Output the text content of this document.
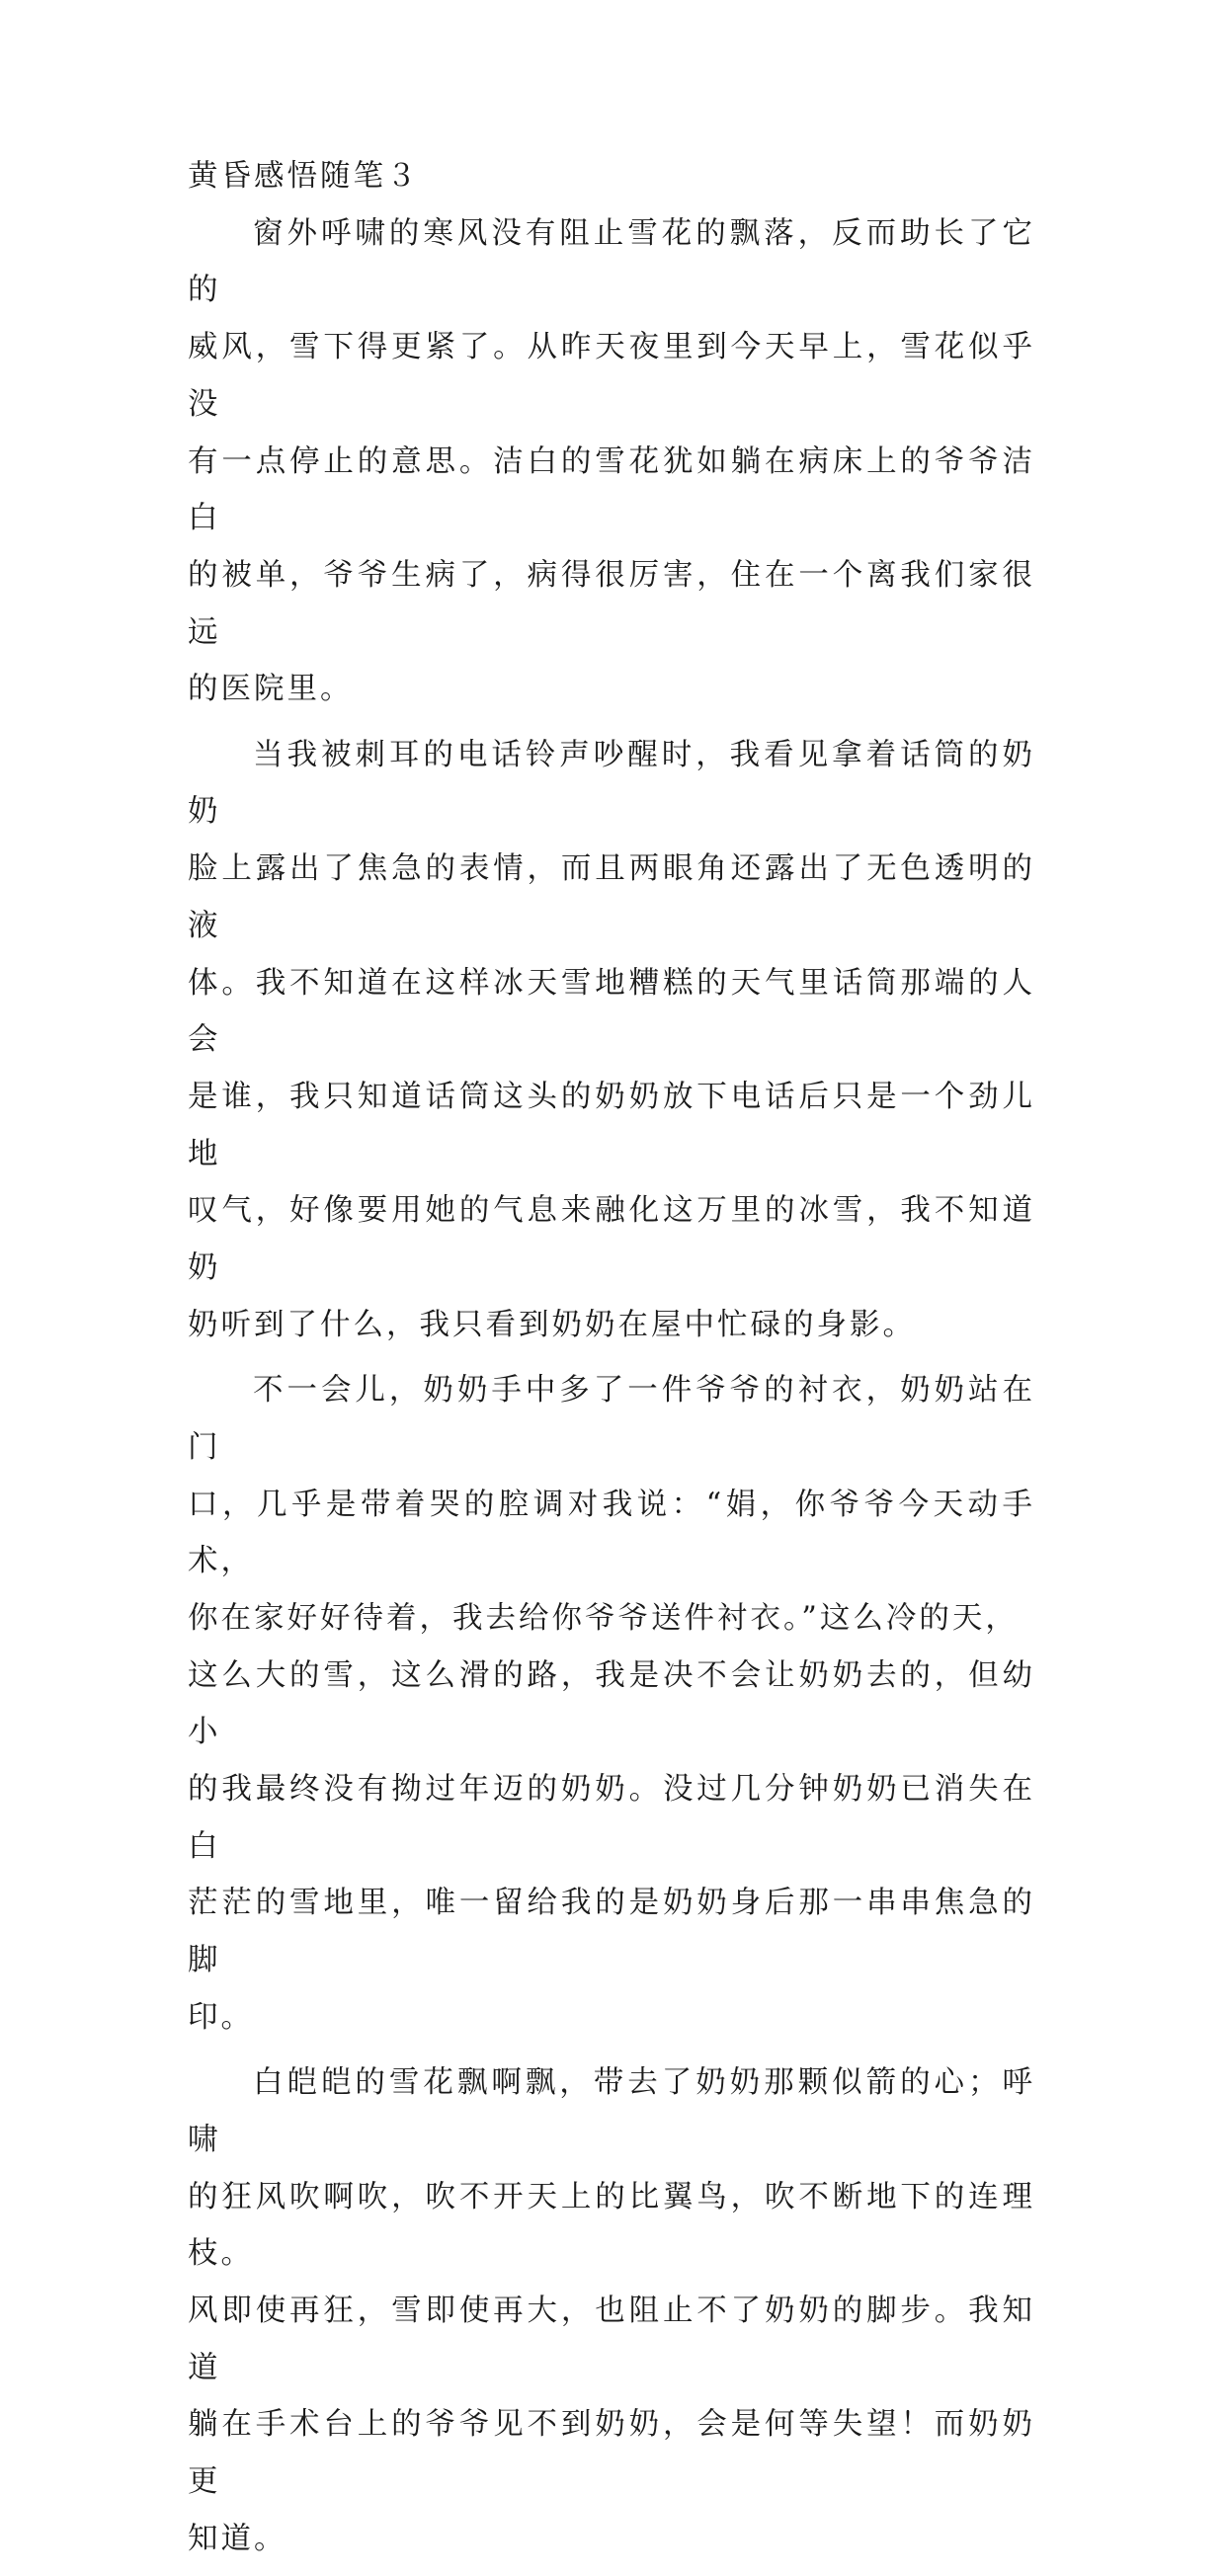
黄昏感悟随笔３

窗外呼啸的寒风没有阻止雪花的飘落，反而助长了它的
威风，雪下得更紧了。从昨天夜里到今天早上，雪花似乎没
有一点停止的意思。洁白的雪花犹如躺在病床上的爷爷洁白
的被单，爷爷生病了，病得很厉害，住在一个离我们家很远
的医院里。

当我被刺耳的电话铃声吵醒时，我看见拿着话筒的奶奶
脸上露出了焦急的表情，而且两眼角还露出了无色透明的液
体。我不知道在这样冰天雪地糟糕的天气里话筒那端的人会
是谁，我只知道话筒这头的奶奶放下电话后只是一个劲儿地
叹气，好像要用她的气息来融化这万里的冰雪，我不知道奶
奶听到了什么，我只看到奶奶在屋中忙碌的身影。

不一会儿，奶奶手中多了一件爷爷的衬衣，奶奶站在门
口，几乎是带着哭的腔调对我说：“娟，你爷爷今天动手术，
你在家好好待着，我去给你爷爷送件衬衣。”这么冷的天，
这么大的雪，这么滑的路，我是决不会让奶奶去的，但幼小
的我最终没有拗过年迈的奶奶。没过几分钟奶奶已消失在白
茫茫的雪地里，唯一留给我的是奶奶身后那一串串焦急的脚
印。

白皑皑的雪花飘啊飘，带去了奶奶那颗似箭的心；呼啸
的狂风吹啊吹，吹不开天上的比翼鸟，吹不断地下的连理枝。
风即使再狂，雪即使再大，也阻止不了奶奶的脚步。我知道
躺在手术台上的爷爷见不到奶奶，会是何等失望！而奶奶更
知道。
